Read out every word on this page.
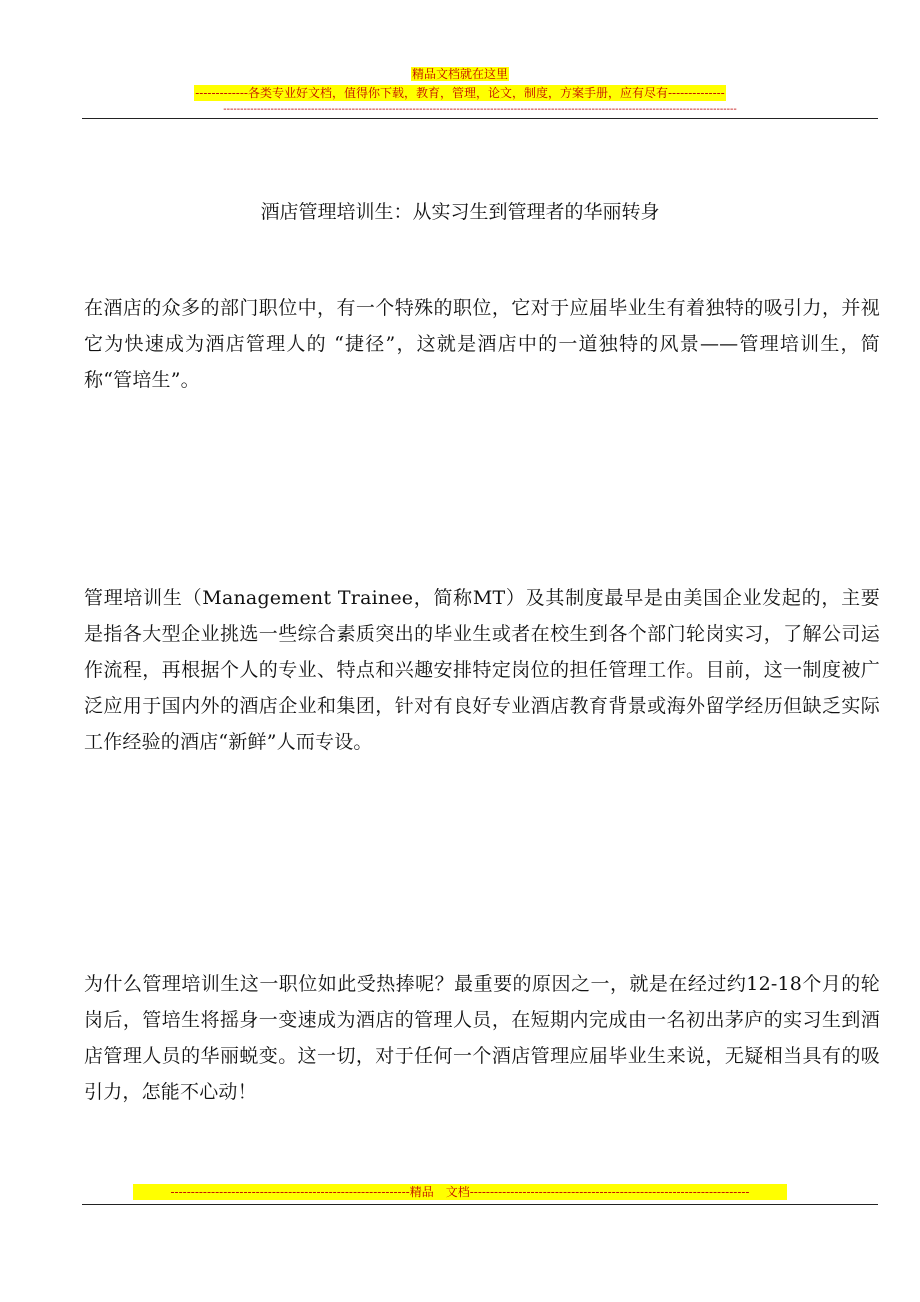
精品文档就在这里
-------------各类专业好文档，值得你下载，教育，管理，论文，制度，方案手册，应有尽有--------------
--------------------------------------------------------------------------------------------------------------------------------------------------------
酒店管理培训生：从实习生到管理者的华丽转身

在酒店的众多的部门职位中，有一个特殊的职位，它对于应届毕业生有着独特的吸引力，并视它为快速成为酒店管理人的 “捷径”，这就是酒店中的一道独特的风景——管理培训生，简称“管培生”。

管理培训生（Management Trainee，简称MT）及其制度最早是由美国企业发起的，主要是指各大型企业挑选一些综合素质突出的毕业生或者在校生到各个部门轮岗实习，了解公司运作流程，再根据个人的专业、特点和兴趣安排特定岗位的担任管理工作。目前，这一制度被广泛应用于国内外的酒店企业和集团，针对有良好专业酒店教育背景或海外留学经历但缺乏实际工作经验的酒店“新鲜”人而专设。

为什么管理培训生这一职位如此受热捧呢？最重要的原因之一，就是在经过约12-18个月的轮岗后，管培生将摇身一变速成为酒店的管理人员，在短期内完成由一名初出茅庐的实习生到酒店管理人员的华丽蜕变。这一切，对于任何一个酒店管理应届毕业生来说，无疑相当具有的吸引力，怎能不心动！

-----------------------------------------------------------精品　文档---------------------------------------------------------------------
